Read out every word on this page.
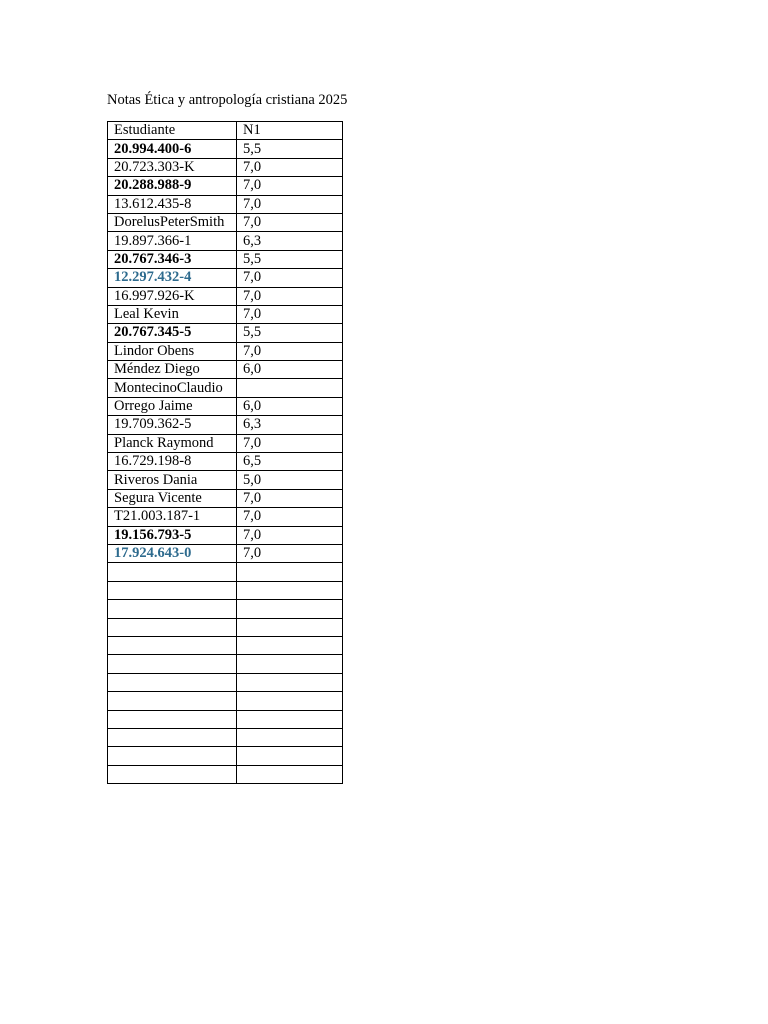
Notas Ética y antropología cristiana 2025
Estudiante	N1
20.994.400-6	5,5
20.723.303-K	7,0
20.288.988-9	7,0
13.612.435-8	7,0
DorelusPeterSmith	7,0
19.897.366-1	6,3
20.767.346-3	5,5
12.297.432-4	7,0
16.997.926-K	7,0
Leal Kevin	7,0
20.767.345-5	5,5
Lindor Obens	7,0
Méndez Diego	6,0
MontecinoClaudio	
Orrego Jaime	6,0
19.709.362-5	6,3
Planck Raymond	7,0
16.729.198-8	6,5
Riveros Dania	5,0
Segura Vicente	7,0
T21.003.187-1	7,0
19.156.793-5	7,0
17.924.643-0	7,0
